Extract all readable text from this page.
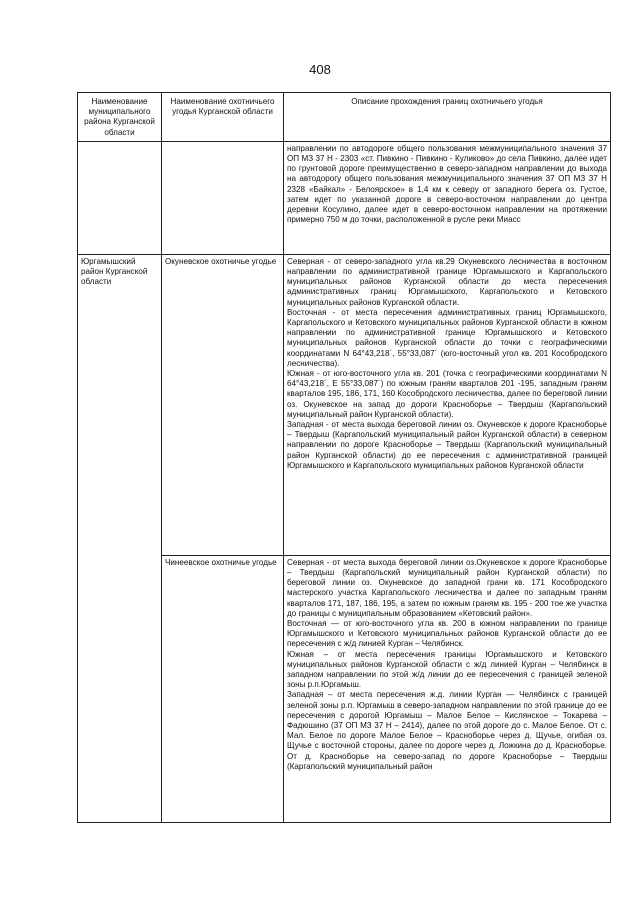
408
Наименование муниципального района Курганской области	Наименование охотничьего угодья Курганской области	Описание прохождения границ охотничьего угодья

		направлении по автодороге общего пользования межмуниципального значения 37 ОП МЗ 37 Н - 2303 «ст. Пивкино - Пивкино - Куликово» до села Пивкино, далее идет по грунтовой дороге преимущественно в северо-западном направлении до выхода на автодорогу общего пользования межмуниципального значения 37 ОП МЗ 37 Н 2328 «Байкал» - Белоярское» в 1,4 км к северу от западного берега оз. Густое, затем идет по указанной дороге в северо-восточном направлении до центра деревни Косулино, далее идет в северо-восточном направлении на протяжении примерно 750 м до точки, расположенной в русле реки Миасс

Юргамышский район Курганской области	Окуневское охотничье угодье	Северная - от северо-западного угла кв.29 Окуневского лесничества в восточном направлении по административной границе Юргамышского и Каргапольского муниципальных районов Курганской области до места пересечения административных границ Юргамышского, Каргапольского и Кетовского муниципальных районов Курганской области.

Восточная - от места пересечения административных границ Юргамышского, Каргапольского и Кетовского муниципальных районов Курганской области в южном направлении по административной границе Юргамышского и Кетовского муниципальных районов Курганской области до точки с географическими координатами N 64°43,218´, 55°33,087´ (юго-восточный угол кв. 201 Кособродского лесничества).

Южная - от юго-восточного угла кв. 201 (точка с географическими координатами N 64°43,218´, E 55°33,087´) по южным граням кварталов 201 -195, западным граням кварталов 195, 186, 171, 160 Кособродского лесничества, далее по береговой линии оз. Окуневское на запад до дороги Красноборье – Твердыш (Каргапольский муниципальный район Курганской области).

Западная - от места выхода береговой линии оз. Окуневское к дороге Красноборье – Твердыш (Каргапольский муниципальный район Курганской области) в северном направлении по дороге Красноборье – Твердыш (Каргапольский муниципальный район Курганской области) до ее пересечения с административной границей Юргамышского и Каргапольского муниципальных районов Курганской области

	Чинеевское охотничье угодье	Северная - от места выхода береговой линии оз.Окуневское к дороге Красноборье – Твердыш (Каргапольский муниципальный район Курганской области) по береговой линии оз. Окуневское до западной грани кв. 171 Кособродского мастерского участка Каргапольского лесничества и далее по западным граням кварталов 171, 187, 186, 195, а затем по южным граням кв. 195 - 200 тое же участка до границы с муниципальным образованием «Кетовский район».

Восточная — от юго-восточного угла кв. 200 в южном направлении по границе Юргамышского и Кетовского муниципальных районов Курганской области до ее пересечения с ж/д линией Курган – Челябинск.

Южная – от места пересечения границы Юргамышского и Кетовского муниципальных районов Курганской области с ж/д линией Курган – Челябинск в западном направлении по этой ж/д линии до ее пересечения с границей зеленой зоны р.п.Юргамыш.

Западная – от места пересечения ж.д. линии Курган — Челябинск с границей зеленой зоны р.п. Юргамыш в северо-западном направлении по этой границе до ее пересечения с дорогой Юргамыш – Малое Белое – Кислянское – Токарева – Фадюшино (37 ОП МЗ 37 Н – 2414), далее по этой дороге до с. Малое Белое. От с. Мал. Белое по дороге Малое Белое – Красноборье через д. Щучье, огибая оз. Щучье с восточной стороны, далее по дороге через д. Ложкина до д. Красноборье. От д. Красноборье на северо-запад по дороге Красноборье – Твердыш (Каргапольский муниципальный район
